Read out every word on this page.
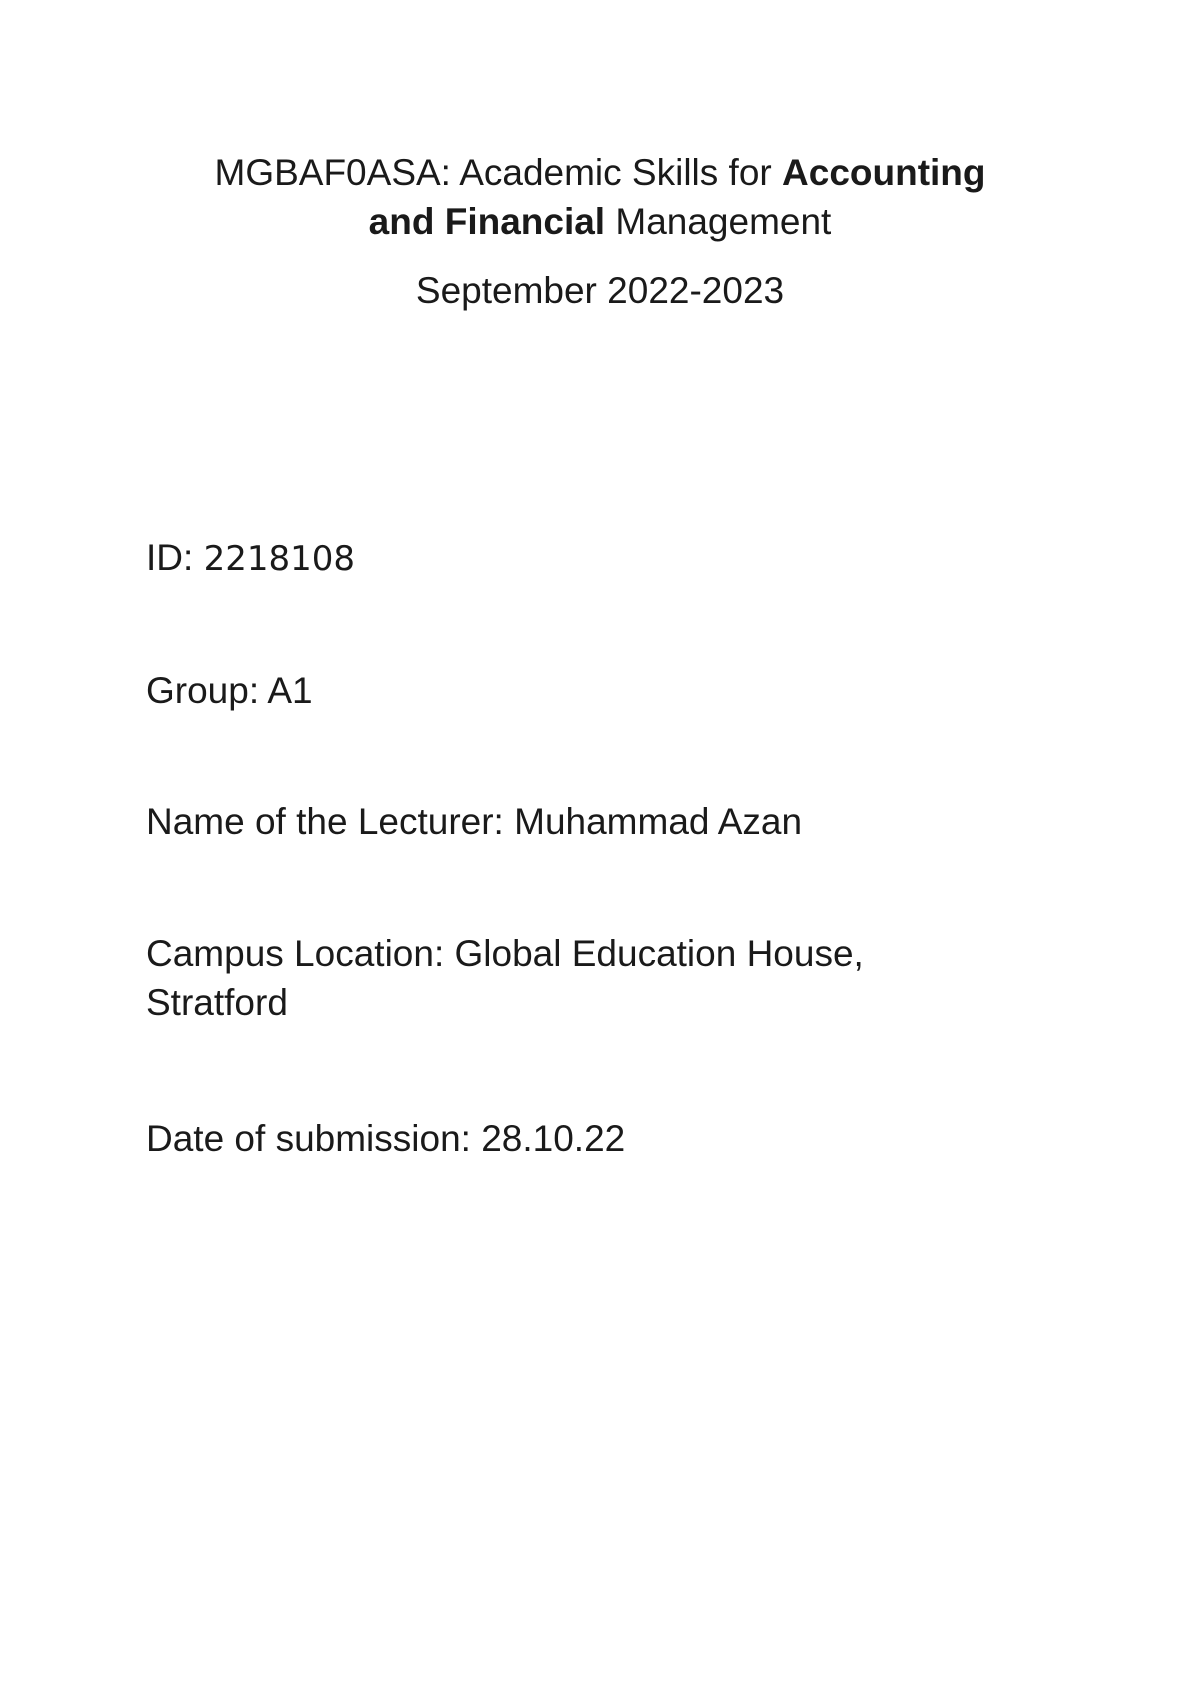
MGBAF0ASA: Academic Skills for Accounting
and Financial Management
September 2022-2023
ID: 2218108
Group: A1
Name of the Lecturer: Muhammad Azan
Campus Location: Global Education House,
Stratford
Date of submission: 28.10.22
